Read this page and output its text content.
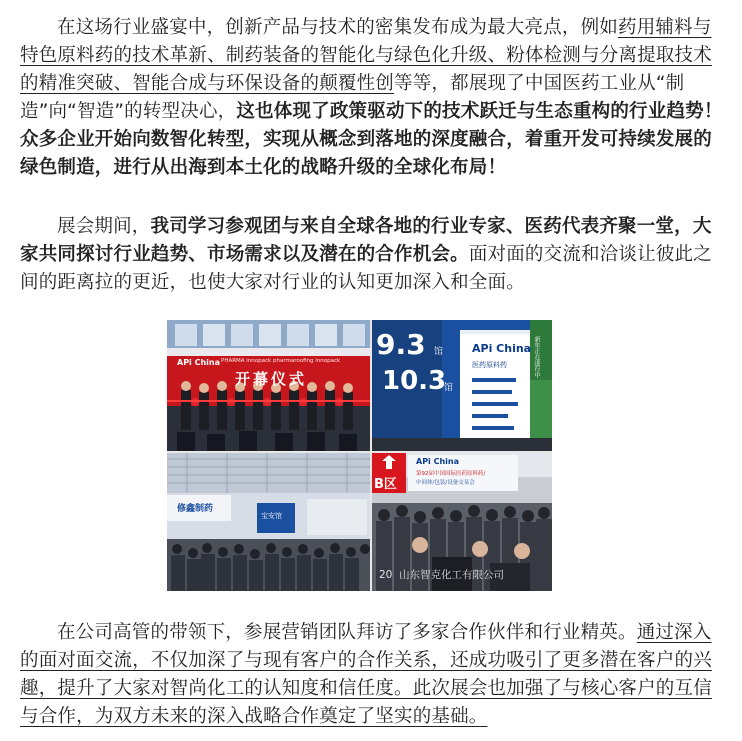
在这场行业盛宴中，创新产品与技术的密集发布成为最大亮点，例如药用辅料与特色原料药的技术革新、制药装备的智能化与绿色化升级、粉体检测与分离提取技术的精准突破、智能合成与环保设备的颠覆性创等等，都展现了中国医药工业从“制造”向“智造”的转型决心，这也体现了政策驱动下的技术跃迁与生态重构的行业趋势！众多企业开始向数智化转型，实现从概念到落地的深度融合，着重开发可持续发展的绿色制造，进行从出海到本土化的战略升级的全球化布局！
展会期间，我司学习参观团与来自全球各地的行业专家、医药代表齐聚一堂，大家共同探讨行业趋势、市场需求以及潜在的合作机会。面对面的交流和洽谈让彼此之间的距离拉的更近，也使大家对行业的认知更加深入和全面。
APi China PHARMA innopack pharmaroofing innopack
开幕仪式
9.3 馆
10.3
馆
APi China
医药原料药	新年正在进行中
修鑫制药
宝安馆
B区
APi China
第92届中国国际医药原料药/
中间体/包装/设备交易会
20 山东智克化工有限公司
在公司高管的带领下，参展营销团队拜访了多家合作伙伴和行业精英。通过深入的面对面交流，不仅加深了与现有客户的合作关系，还成功吸引了更多潜在客户的兴趣，提升了大家对智尚化工的认知度和信任度。此次展会也加强了与核心客户的互信与合作，为双方未来的深入战略合作奠定了坚实的基础。
